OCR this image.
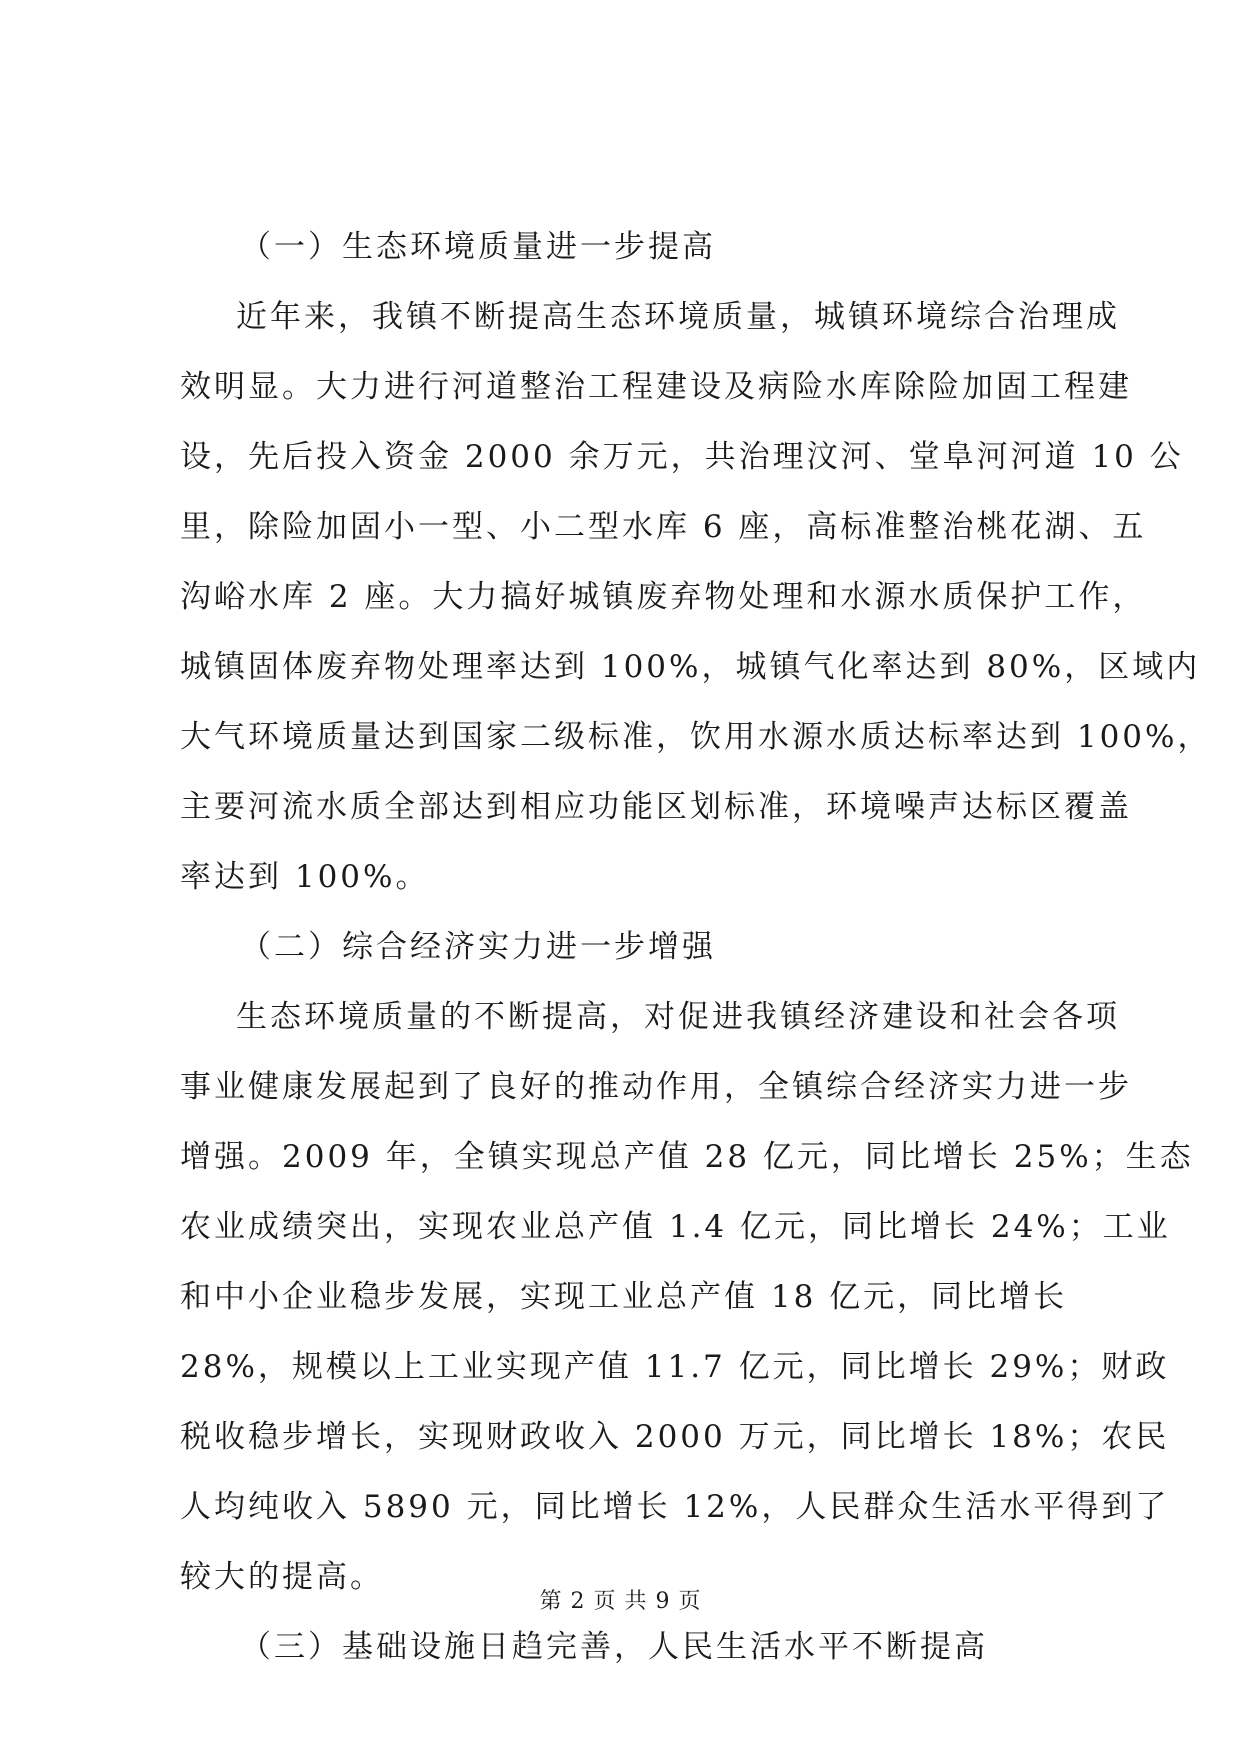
（一）生态环境质量进一步提高
近年来，我镇不断提高生态环境质量，城镇环境综合治理成
效明显。大力进行河道整治工程建设及病险水库除险加固工程建
设，先后投入资金 2000 余万元，共治理汶河、堂阜河河道 10 公
里，除险加固小一型、小二型水库 6 座，高标准整治桃花湖、五
沟峪水库 2 座。大力搞好城镇废弃物处理和水源水质保护工作，
城镇固体废弃物处理率达到 100%，城镇气化率达到 80%，区域内
大气环境质量达到国家二级标准，饮用水源水质达标率达到 100%，
主要河流水质全部达到相应功能区划标准，环境噪声达标区覆盖
率达到 100%。
（二）综合经济实力进一步增强
生态环境质量的不断提高，对促进我镇经济建设和社会各项
事业健康发展起到了良好的推动作用，全镇综合经济实力进一步
增强。2009 年，全镇实现总产值 28 亿元，同比增长 25%；生态
农业成绩突出，实现农业总产值 1.4 亿元，同比增长 24%；工业
和中小企业稳步发展，实现工业总产值 18 亿元，同比增长
28%，规模以上工业实现产值 11.7 亿元，同比增长 29%；财政
税收稳步增长，实现财政收入 2000 万元，同比增长 18%；农民
人均纯收入 5890 元，同比增长 12%，人民群众生活水平得到了
较大的提高。
（三）基础设施日趋完善，人民生活水平不断提高
第 2 页 共 9 页
